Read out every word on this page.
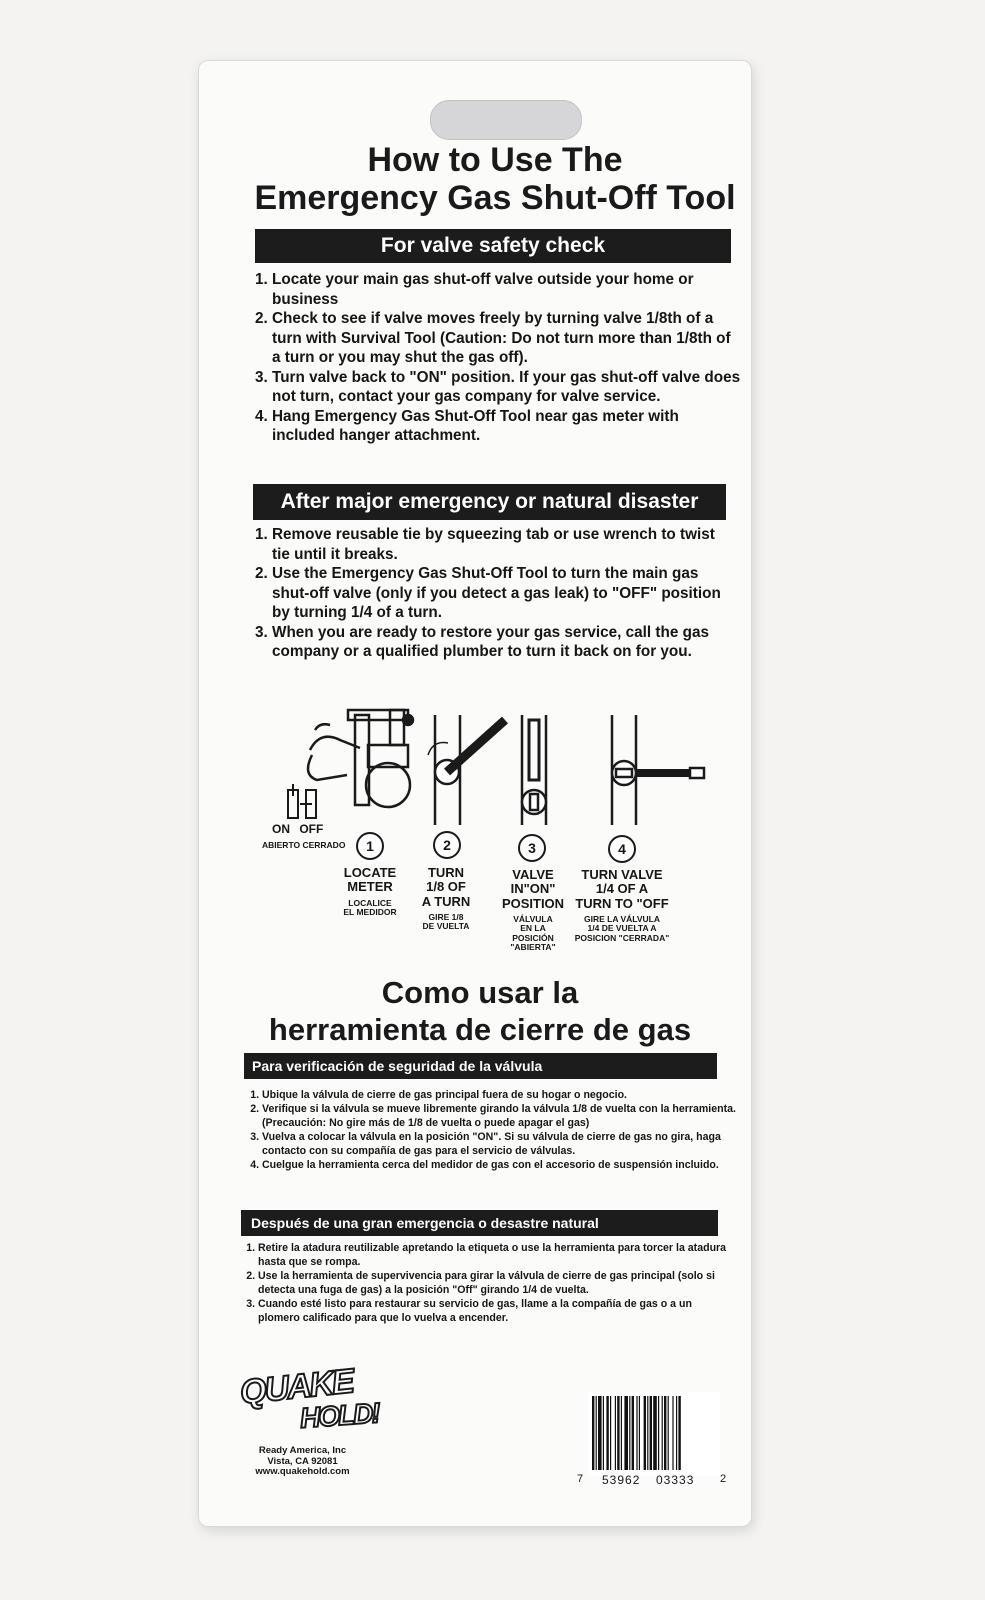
How to Use The
Emergency Gas Shut-Off Tool
For valve safety check
1. Locate your main gas shut-off valve outside your home or business
2. Check to see if valve moves freely by turning valve 1/8th of a turn with Survival Tool (Caution: Do not turn more than 1/8th of a turn or you may shut the gas off).
3. Turn valve back to "ON" position. If your gas shut-off valve does not turn, contact your gas company for valve service.
4. Hang Emergency Gas Shut-Off Tool near gas meter with included hanger attachment.
After major emergency or natural disaster
1. Remove reusable tie by squeezing tab or use wrench to twist tie until it breaks.
2. Use the Emergency Gas Shut-Off Tool to turn the main gas shut-off valve (only if you detect a gas leak) to "OFF" position by turning 1/4 of a turn.
3. When you are ready to restore your gas service, call the gas company or a qualified plumber to turn it back on for you.
ON OFF
ABIERTO CERRADO	1	2	3	4
LOCATE
METER
LOCALICE
EL MEDIDOR
TURN
1/8 OF
A TURN
GIRE 1/8
DE VUELTA
VALVE
IN"ON"
POSITION
VÁLVULA
EN LA
POSICIÓN
"ABIERTA"
TURN VALVE
1/4 OF A
TURN TO "OFF
GIRE LA VÁLVULA
1/4 DE VUELTA A
POSICION "CERRADA"
Como usar la
herramienta de cierre de gas
Para verificación de seguridad de la válvula
1. Ubique la válvula de cierre de gas principal fuera de su hogar o negocio.
2. Verifique si la válvula se mueve libremente girando la válvula 1/8 de vuelta con la herramienta. (Precaución: No gire más de 1/8 de vuelta o puede apagar el gas)
3. Vuelva a colocar la válvula en la posición "ON". Si su válvula de cierre de gas no gira, haga contacto con su compañía de gas para el servicio de válvulas.
4. Cuelgue la herramienta cerca del medidor de gas con el accesorio de suspensión incluido.
Después de una gran emergencia o desastre natural
1. Retire la atadura reutilizable apretando la etiqueta o use la herramienta para torcer la atadura hasta que se rompa.
2. Use la herramienta de supervivencia para girar la válvula de cierre de gas principal (solo si detecta una fuga de gas) a la posición "Off" girando 1/4 de vuelta.
3. Cuando esté listo para restaurar su servicio de gas, llame a la compañía de gas o a un plomero calificado para que lo vuelva a encender.
QUAKE
HOLD!
Ready America, Inc
Vista, CA 92081
www.quakehold.com
7 53962 03333 2
